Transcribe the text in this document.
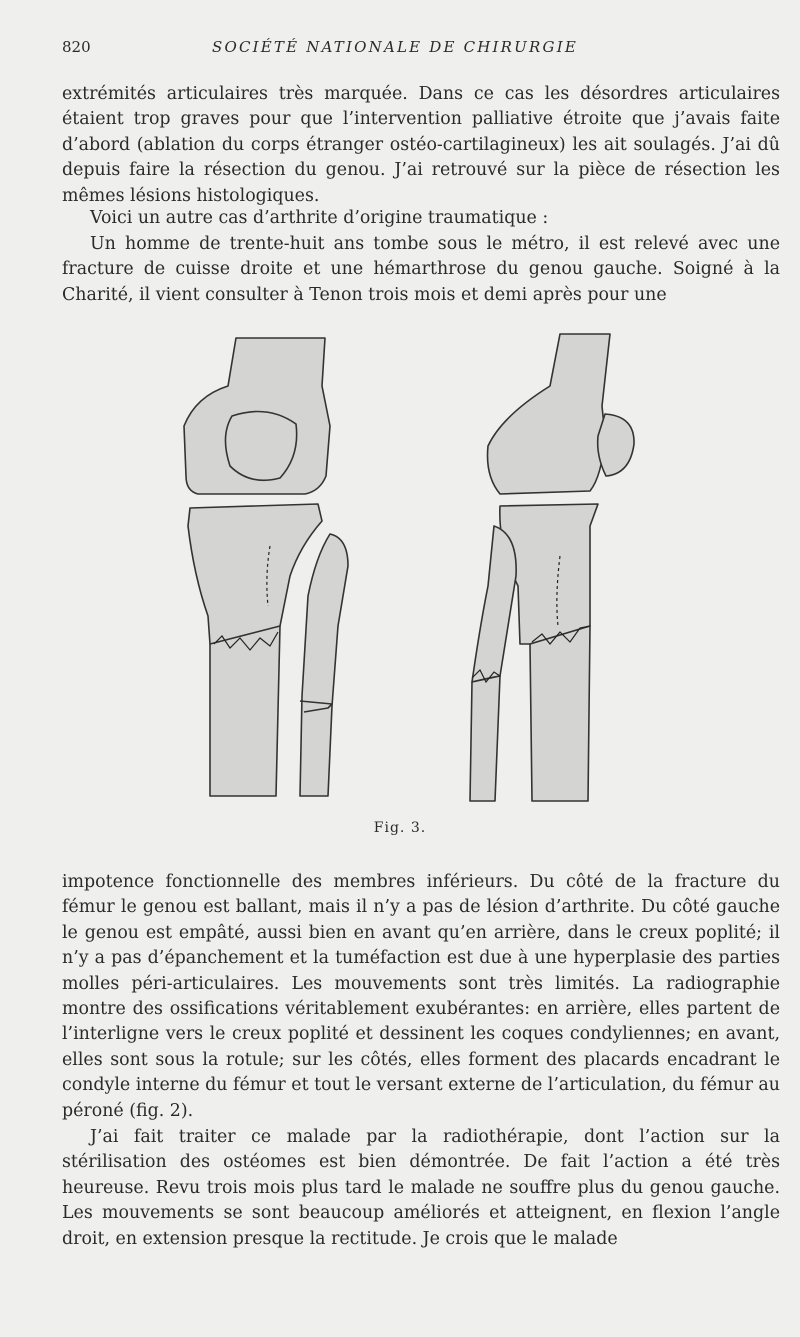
820	SOCIÉTÉ NATIONALE DE CHIRURGIE

extrémités articulaires très marquée. Dans ce cas les désordres articulaires étaient trop graves pour que l’intervention palliative étroite que j’avais faite d’abord (ablation du corps étranger ostéo-cartilagineux) les ait soulagés. J’ai dû depuis faire la résection du genou. J’ai retrouvé sur la pièce de résection les mêmes lésions histologiques.

Voici un autre cas d’arthrite d’origine traumatique :

Un homme de trente-huit ans tombe sous le métro, il est relevé avec une fracture de cuisse droite et une hémarthrose du genou gauche. Soigné à la Charité, il vient consulter à Tenon trois mois et demi après pour une

Fig. 3.

impotence fonctionnelle des membres inférieurs. Du côté de la fracture du fémur le genou est ballant, mais il n’y a pas de lésion d’arthrite. Du côté gauche le genou est empâté, aussi bien en avant qu’en arrière, dans le creux poplité; il n’y a pas d’épanchement et la tuméfaction est due à une hyperplasie des parties molles péri-articulaires. Les mouvements sont très limités. La radiographie montre des ossifications véritablement exubérantes: en arrière, elles partent de l’interligne vers le creux poplité et dessinent les coques condyliennes; en avant, elles sont sous la rotule; sur les côtés, elles forment des placards encadrant le condyle interne du fémur et tout le versant externe de l’articulation, du fémur au péroné (fig. 2).

J’ai fait traiter ce malade par la radiothérapie, dont l’action sur la stérilisation des ostéomes est bien démontrée. De fait l’action a été très heureuse. Revu trois mois plus tard le malade ne souffre plus du genou gauche. Les mouvements se sont beaucoup améliorés et atteignent, en flexion l’angle droit, en extension presque la rectitude. Je crois que le malade
